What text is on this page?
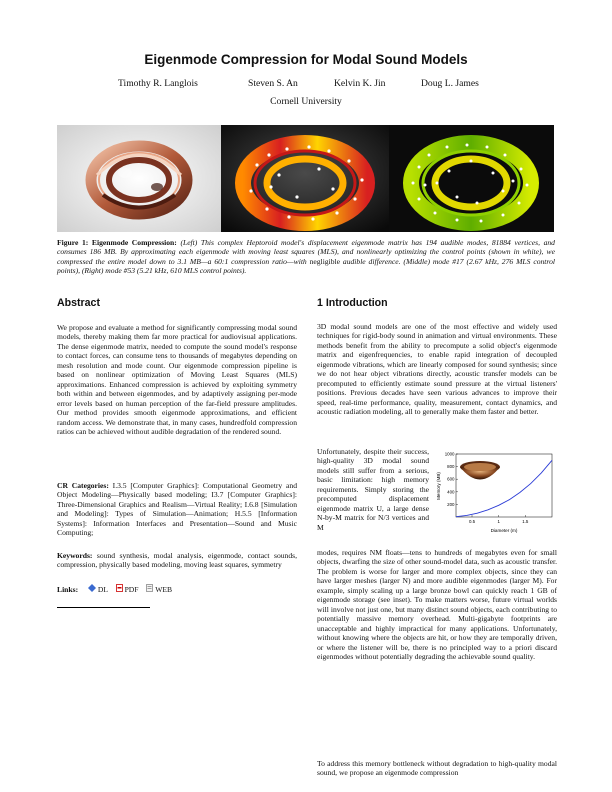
Eigenmode Compression for Modal Sound Models
Timothy R. Langlois	Steven S. An	Kelvin K. Jin	Doug L. James
Cornell University
Figure 1: Eigenmode Compression: (Left) This complex Heptoroid model's displacement eigenmode matrix has 194 audible modes, 81884 vertices, and consumes 186 MB. By approximating each eigenmode with moving least squares (MLS), and nonlinearly optimizing the control points (shown in white), we compressed the entire model down to 3.1 MB—a 60:1 compression ratio—with negligible audible difference. (Middle) mode #17 (2.67 kHz, 276 MLS control points), (Right) mode #53 (5.21 kHz, 610 MLS control points).
Abstract
We propose and evaluate a method for significantly compressing modal sound models, thereby making them far more practical for audiovisual applications. The dense eigenmode matrix, needed to compute the sound model's response to contact forces, can consume tens to thousands of megabytes depending on mesh resolution and mode count. Our eigenmode compression pipeline is based on nonlinear optimization of Moving Least Squares (MLS) approximations. Enhanced compression is achieved by exploiting symmetry both within and between eigenmodes, and by adaptively assigning per-mode error levels based on human perception of the far-field pressure amplitudes. Our method provides smooth eigenmode approximations, and efficient random access. We demonstrate that, in many cases, hundredfold compression ratios can be achieved without audible degradation of the rendered sound.
CR Categories: I.3.5 [Computer Graphics]: Computational Geometry and Object Modeling—Physically based modeling; I3.7 [Computer Graphics]: Three-Dimensional Graphics and Realism—Virtual Reality; I.6.8 [Simulation and Modeling]: Types of Simulation—Animation; H.5.5 [Information Systems]: Information Interfaces and Presentation—Sound and Music Computing;
Keywords: sound synthesis, modal analysis, eigenmode, contact sounds, compression, physically based modeling, moving least squares, symmetry
Links:	DL PDF WEB
1 Introduction
3D modal sound models are one of the most effective and widely used techniques for rigid-body sound in animation and virtual environments. These methods benefit from the ability to precompute a solid object's eigenmode matrix and eigenfrequencies, to enable rapid integration of decoupled eigenmode vibrations, which are linearly composed for sound synthesis; since we do not hear object vibrations directly, acoustic transfer models can be precomputed to efficiently estimate sound pressure at the virtual listeners' positions. Previous decades have seen various advances to improve their speed, real-time performance, quality, measurement, contact dynamics, and acoustic radiation modeling, all to generally make them faster and better.
Unfortunately, despite their success, high-quality 3D modal sound models still suffer from a serious, basic limitation: high memory requirements. Simply storing the precomputed displacement eigenmode matrix U, a large dense N-by-M matrix for N/3 vertices and M
modes, requires NM floats—tens to hundreds of megabytes even for small objects, dwarfing the size of other sound-model data, such as acoustic transfer. The problem is worse for larger and more complex objects, since they can have larger meshes (larger N) and more audible eigenmodes (larger M). For example, simply scaling up a large bronze bowl can quickly reach 1 GB of eigenmode storage (see inset). To make matters worse, future virtual worlds will involve not just one, but many distinct sound objects, each contributing to potentially massive memory overhead. Multi-gigabyte footprints are unacceptable and highly impractical for many applications. Unfortunately, without knowing where the objects are hit, or how they are temporally driven, or where the listener will be, there is no principled way to a priori discard eigenmodes without potentially degrading the achievable sound quality.
To address this memory bottleneck without degradation to high-quality modal sound, we propose an eigenmode compression
200
400
600
800
1000
0.5	1	1.5
Diameter (m)
Memory (MB)
